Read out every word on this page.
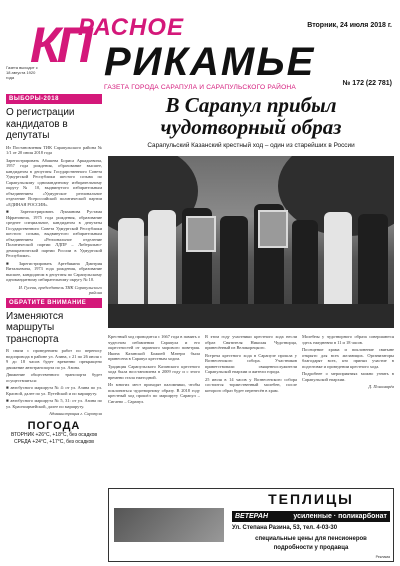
Газета выходит с 18 августа 1920 года
КП
РАСНОЕ
РИКАМЬЕ
ГАЗЕТА ГОРОДА САРАПУЛА И САРАПУЛЬСКОГО РАЙОНА
Вторник, 24 июля 2018 г.
№ 172 (22 781)
ВЫБОРЫ-2018
О регистрации кандидатов в депутаты

Из Постановления ТИК Сарапульского района № 1/1 от 20 июля 2018 года

Зарегистрировать Абашева Бориса Аркадьевича, 1957 года рождения, образование высшее, кандидатом в депутаты Государственного Совета Удмуртской Республики шестого созыва по Сарапульскому одномандатному избирательному округу № 10, выдвинутого избирательным объединением «Удмуртское региональное отделение Всероссийской политической партии «ЕДИНАЯ РОССИЯ».

■ Зарегистрировать Лукманова Рустама Ифратовича, 1975 года рождения, образование среднее специальное, кандидатом в депутаты Государственного Совета Удмуртской Республики шестого созыва, выдвинутого избирательным объединением «Региональное отделение Политической партии ЛДПР – Либерально-демократической партии России в Удмуртской Республике».

■ Зарегистрировать Артебякина Дмитрия Витальевича, 1973 года рождения, образование высшее, кандидатом в депутаты по Сарапульскому одномандатному избирательному округу № 10.

И. Гусева, председатель ТИК Сарапульского района
ОБРАТИТЕ ВНИМАНИЕ
Изменяются маршруты транспорта

В связи с проведением работ по переносу водопровода в районе ул. Азина, с 21 по 26 июля с 9 до 18 часов будет временно прекращено движение автотранспорта по ул. Азина.

Движение общественного транспорта будет осуществляться:

■ автобусного маршрута № 4: от ул. Азина по ул. Красной, далее по ул. Путейской и по маршруту.

■ автобусного маршрута № 5, 31: от ул. Азина по ул. Красноармейской, далее по маршруту.

Администрация г. Сарапула
ПОГОДА
ВТОРНИК +26°С, +18°С, без осадков
СРЕДА +24°С, +17°С, без осадков
В Сарапул прибыл чудотворный образ
Сарапульский Казанский крестный ход – один из старейших в России

Крестный ход проводится с 1667 года в память о чудесном избавлении Сарапула и его окрестностей от заразного морового поветрия. Икона Казанской Божией Матери была принесена в Сарапул крестным ходом.

Традиция Сарапульского Казанского крестного хода была восстановлена в 2009 году и с этого времени стала ежегодной.

Из многих мест приходят паломники, чтобы поклониться чудотворному образу. В 2018 году крестный ход прошёл по маршруту Сарапул – Сигаево – Сарапул.

В этом году участники крестного хода несли образ Святителя Николая Чудотворца, принесённый из Великорецкого.

Встреча крестного хода в Сарапуле прошла у Вознесенского собора. Участников приветствовали священнослужители Сарапульской епархии и жители города.

25 июля в 14 часов у Вознесенского собора состоится торжественный молебен, после которого образ будет перенесён в храм.

Молебны у чудотворного образа совершаются здесь ежедневно в 11 и 18 часов.

Посещение храма и поклонение святыне открыто для всех желающих. Организаторы благодарят всех, кто принял участие в подготовке и проведении крестного хода.

Подробнее о мероприятиях можно узнать в Сарапульской епархии.

Д. Пономарёв

ТЕПЛИЦЫ
ВЕТЕРАН	усиленные · поликарбонат
Ул. Степана Разина, 53, тел. 4-03-30
специальные цены для пенсионеров
подробности у продавца
Реклама
